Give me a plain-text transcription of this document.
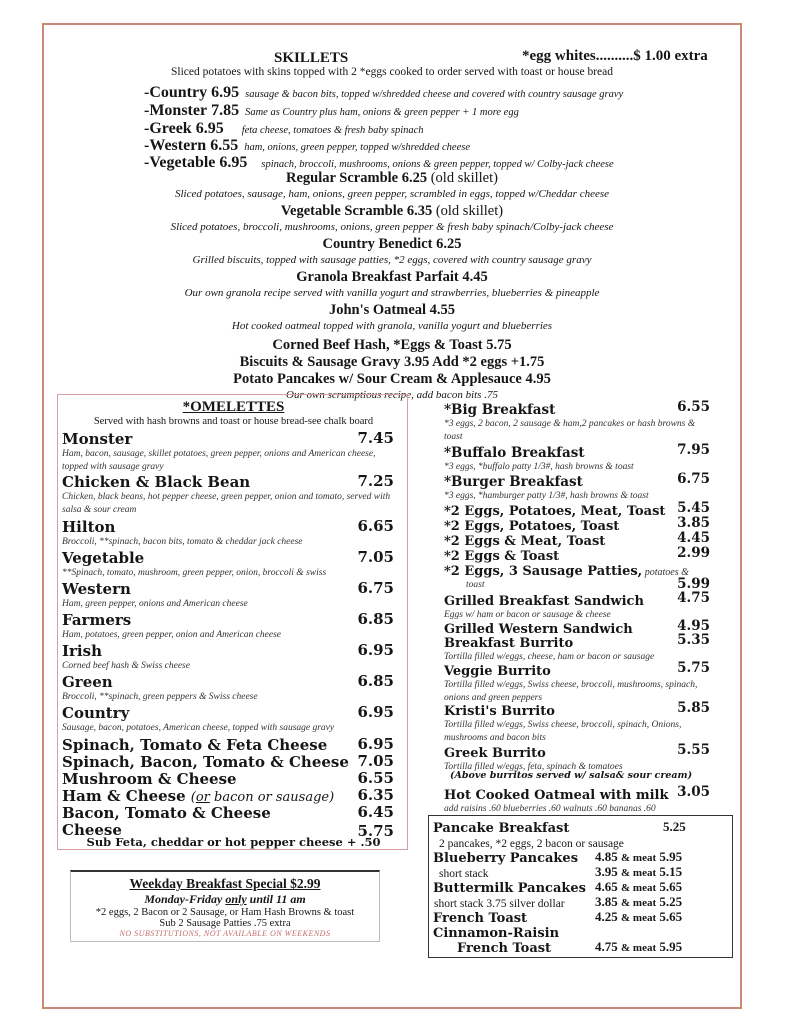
SKILLETS	*egg whites..........$ 1.00 extra
Sliced potatoes with skins topped with 2 *eggs cooked to order served with toast or house bread
-Country 6.95 sausage & bacon bits, topped w/shredded cheese and covered with country sausage gravy
-Monster 7.85 Same as Country plus ham, onions & green pepper + 1 more egg
-Greek 6.95 feta cheese, tomatoes & fresh baby spinach
-Western 6.55 ham, onions, green pepper, topped w/shredded cheese
-Vegetable 6.95 spinach, broccoli, mushrooms, onions & green pepper, topped w/ Colby-jack cheese
Regular Scramble 6.25 (old skillet)
Sliced potatoes, sausage, ham, onions, green pepper, scrambled in eggs, topped w/Cheddar cheese
Vegetable Scramble 6.35 (old skillet)
Sliced potatoes, broccoli, mushrooms, onions, green pepper & fresh baby spinach/Colby-jack cheese
Country Benedict 6.25
Grilled biscuits, topped with sausage patties, *2 eggs, covered with country sausage gravy
Granola Breakfast Parfait 4.45
Our own granola recipe served with vanilla yogurt and strawberries, blueberries & pineapple
John's Oatmeal 4.55
Hot cooked oatmeal topped with granola, vanilla yogurt and blueberries
Corned Beef Hash, *Eggs & Toast 5.75
Biscuits & Sausage Gravy 3.95 Add *2 eggs +1.75
Potato Pancakes w/ Sour Cream & Applesauce 4.95
Our own scrumptious recipe, add bacon bits .75
*OMELETTES
Served with hash browns and toast or house bread-see chalk board
Monster	7.45
Ham, bacon, sausage, skillet potatoes, green pepper, onions and American cheese, topped with sausage gravy
Chicken & Black Bean	7.25
Chicken, black beans, hot pepper cheese, green pepper, onion and tomato, served with salsa & sour cream
Hilton	6.65
Broccoli, **spinach, bacon bits, tomato & cheddar jack cheese
Vegetable	7.05
**Spinach, tomato, mushroom, green pepper, onion, broccoli & swiss
Western	6.75
Ham, green pepper, onions and American cheese
Farmers	6.85
Ham, potatoes, green pepper, onion and American cheese
Irish	6.95
Corned beef hash & Swiss cheese
Green	6.85
Broccoli, **spinach, green peppers & Swiss cheese
Country	6.95
Sausage, bacon, potatoes, American cheese, topped with sausage gravy
Spinach, Tomato & Feta Cheese 6.95
Spinach, Bacon, Tomato & Cheese 7.05
Mushroom & Cheese	6.55
Ham & Cheese (or bacon or sausage) 6.35
Bacon, Tomato & Cheese	6.45
Cheese	5.75
Sub Feta, cheddar or hot pepper cheese + .50
Weekday Breakfast Special $2.99
Monday-Friday only until 11 am
*2 eggs, 2 Bacon or 2 Sausage, or Ham Hash Browns & toast
Sub 2 Sausage Patties .75 extra
NO SUBSTITUTIONS, NOT AVAILABLE ON WEEKENDS
*Big Breakfast	6.55
*3 eggs, 2 bacon, 2 sausage & ham,2 pancakes or hash browns & toast
*Buffalo Breakfast	7.95
*3 eggs, *buffalo patty 1/3#, hash browns & toast
*Burger Breakfast	6.75
*3 eggs, *hamburger patty 1/3#, hash browns & toast
*2 Eggs, Potatoes, Meat, Toast 5.45
*2 Eggs, Potatoes, Toast	3.85
*2 Eggs & Meat, Toast	4.45
*2 Eggs & Toast	2.99
*2 Eggs, 3 Sausage Patties, potatoes &
toast	5.99
Grilled Breakfast Sandwich 4.75
Eggs w/ ham or bacon or sausage & cheese
Grilled Western Sandwich	4.95
Breakfast Burrito	5.35
Tortilla filled w/eggs, cheese, ham or bacon or sausage
Veggie Burrito	5.75
Tortilla filled w/eggs, Swiss cheese, broccoli, mushrooms, spinach, onions and green peppers
Kristi's Burrito	5.85
Tortilla filled w/eggs, Swiss cheese, broccoli, spinach, Onions, mushrooms and bacon bits
Greek Burrito	5.55
Tortilla filled w/eggs, feta, spinach & tomatoes
(Above burritos served w/ salsa& sour cream)
Hot Cooked Oatmeal with milk 3.05
add raisins .60 blueberries .60 walnuts .60 bananas .60
Pancake Breakfast	5.25
2 pancakes, *2 eggs, 2 bacon or sausage
Blueberry Pancakes 4.85 & meat 5.95
short stack	3.95 & meat 5.15
Buttermilk Pancakes 4.65 & meat 5.65
short stack 3.75 silver dollar 3.85 & meat 5.25
French Toast	4.25 & meat 5.65
Cinnamon-Raisin
French Toast	4.75 & meat 5.95
